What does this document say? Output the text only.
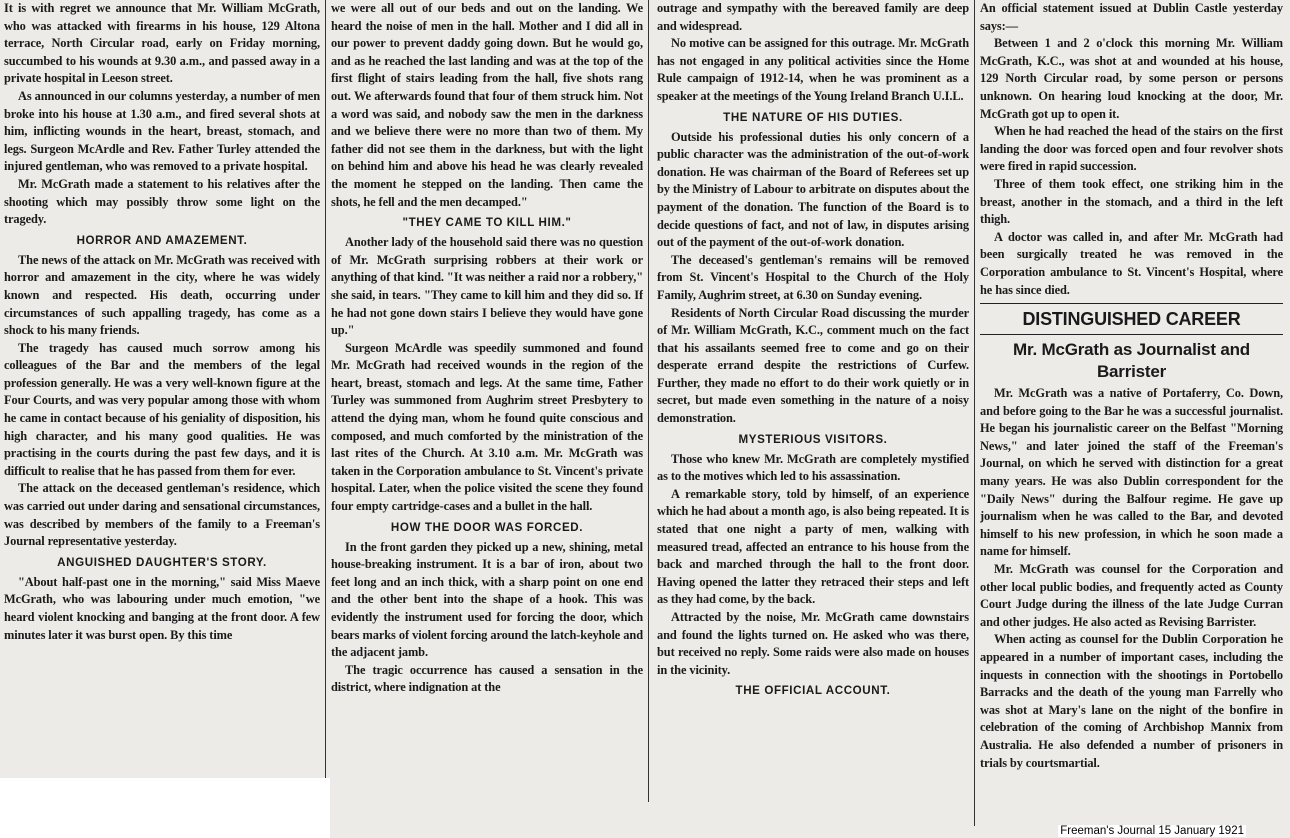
It is with regret we announce that Mr. William McGrath, who was attacked with firearms in his house, 129 Altona terrace, North Circular road, early on Friday morning, succumbed to his wounds at 9.30 a.m., and passed away in a private hospital in Leeson street.

As announced in our columns yesterday, a number of men broke into his house at 1.30 a.m., and fired several shots at him, inflicting wounds in the heart, breast, stomach, and legs. Surgeon McArdle and Rev. Father Turley attended the injured gentleman, who was removed to a private hospital.

Mr. McGrath made a statement to his relatives after the shooting which may possibly throw some light on the tragedy.

HORROR AND AMAZEMENT.

The news of the attack on Mr. McGrath was received with horror and amazement in the city, where he was widely known and respected. His death, occurring under circumstances of such appalling tragedy, has come as a shock to his many friends.

The tragedy has caused much sorrow among his colleagues of the Bar and the members of the legal profession generally. He was a very well-known figure at the Four Courts, and was very popular among those with whom he came in contact because of his geniality of disposition, his high character, and his many good qualities. He was practising in the courts during the past few days, and it is difficult to realise that he has passed from them for ever.

The attack on the deceased gentleman's residence, which was carried out under daring and sensational circumstances, was described by members of the family to a Freeman's Journal representative yesterday.

ANGUISHED DAUGHTER'S STORY.

"About half-past one in the morning," said Miss Maeve McGrath, who was labouring under much emotion, "we heard violent knocking and banging at the front door. A few minutes later it was burst open. By this time

we were all out of our beds and out on the landing. We heard the noise of men in the hall. Mother and I did all in our power to prevent daddy going down. But he would go, and as he reached the last landing and was at the top of the first flight of stairs leading from the hall, five shots rang out. We afterwards found that four of them struck him. Not a word was said, and nobody saw the men in the darkness and we believe there were no more than two of them. My father did not see them in the darkness, but with the light on behind him and above his head he was clearly revealed the moment he stepped on the landing. Then came the shots, he fell and the men decamped."

"THEY CAME TO KILL HIM."

Another lady of the household said there was no question of Mr. McGrath surprising robbers at their work or anything of that kind. "It was neither a raid nor a robbery," she said, in tears. "They came to kill him and they did so. If he had not gone down stairs I believe they would have gone up."

Surgeon McArdle was speedily summoned and found Mr. McGrath had received wounds in the region of the heart, breast, stomach and legs. At the same time, Father Turley was summoned from Aughrim street Presbytery to attend the dying man, whom he found quite conscious and composed, and much comforted by the ministration of the last rites of the Church. At 3.10 a.m. Mr. McGrath was taken in the Corporation ambulance to St. Vincent's private hospital. Later, when the police visited the scene they found four empty cartridge-cases and a bullet in the hall.

HOW THE DOOR WAS FORCED.

In the front garden they picked up a new, shining, metal house-breaking instrument. It is a bar of iron, about two feet long and an inch thick, with a sharp point on one end and the other bent into the shape of a hook. This was evidently the instrument used for forcing the door, which bears marks of violent forcing around the latch-keyhole and the adjacent jamb.

The tragic occurrence has caused a sensation in the district, where indignation at the

outrage and sympathy with the bereaved family are deep and widespread.

No motive can be assigned for this outrage. Mr. McGrath has not engaged in any political activities since the Home Rule campaign of 1912-14, when he was prominent as a speaker at the meetings of the Young Ireland Branch U.I.L.

THE NATURE OF HIS DUTIES.

Outside his professional duties his only concern of a public character was the administration of the out-of-work donation. He was chairman of the Board of Referees set up by the Ministry of Labour to arbitrate on disputes about the payment of the donation. The function of the Board is to decide questions of fact, and not of law, in disputes arising out of the payment of the out-of-work donation.

The deceased's gentleman's remains will be removed from St. Vincent's Hospital to the Church of the Holy Family, Aughrim street, at 6.30 on Sunday evening.

Residents of North Circular Road discussing the murder of Mr. William McGrath, K.C., comment much on the fact that his assailants seemed free to come and go on their desperate errand despite the restrictions of Curfew. Further, they made no effort to do their work quietly or in secret, but made even something in the nature of a noisy demonstration.

MYSTERIOUS VISITORS.

Those who knew Mr. McGrath are completely mystified as to the motives which led to his assassination.

A remarkable story, told by himself, of an experience which he had about a month ago, is also being repeated. It is stated that one night a party of men, walking with measured tread, affected an entrance to his house from the back and marched through the hall to the front door. Having opened the latter they retraced their steps and left as they had come, by the back.

Attracted by the noise, Mr. McGrath came downstairs and found the lights turned on. He asked who was there, but received no reply. Some raids were also made on houses in the vicinity.

THE OFFICIAL ACCOUNT.

An official statement issued at Dublin Castle yesterday says:—

Between 1 and 2 o'clock this morning Mr. William McGrath, K.C., was shot at and wounded at his house, 129 North Circular road, by some person or persons unknown. On hearing loud knocking at the door, Mr. McGrath got up to open it.

When he had reached the head of the stairs on the first landing the door was forced open and four revolver shots were fired in rapid succession.

Three of them took effect, one striking him in the breast, another in the stomach, and a third in the left thigh.

A doctor was called in, and after Mr. McGrath had been surgically treated he was removed in the Corporation ambulance to St. Vincent's Hospital, where he has since died.

DISTINGUISHED CAREER
Mr. McGrath as Journalist and Barrister

Mr. McGrath was a native of Portaferry, Co. Down, and before going to the Bar he was a successful journalist. He began his journalistic career on the Belfast "Morning News," and later joined the staff of the Freeman's Journal, on which he served with distinction for a great many years. He was also Dublin correspondent for the "Daily News" during the Balfour regime. He gave up journalism when he was called to the Bar, and devoted himself to his new profession, in which he soon made a name for himself.

Mr. McGrath was counsel for the Corporation and other local public bodies, and frequently acted as County Court Judge during the illness of the late Judge Curran and other judges. He also acted as Revising Barrister.

When acting as counsel for the Dublin Corporation he appeared in a number of important cases, including the inquests in connection with the shootings in Portobello Barracks and the death of the young man Farrelly who was shot at Mary's lane on the night of the bonfire in celebration of the coming of Archbishop Mannix from Australia. He also defended a number of prisoners in trials by courtsmartial.

Freeman's Journal 15 January 1921
